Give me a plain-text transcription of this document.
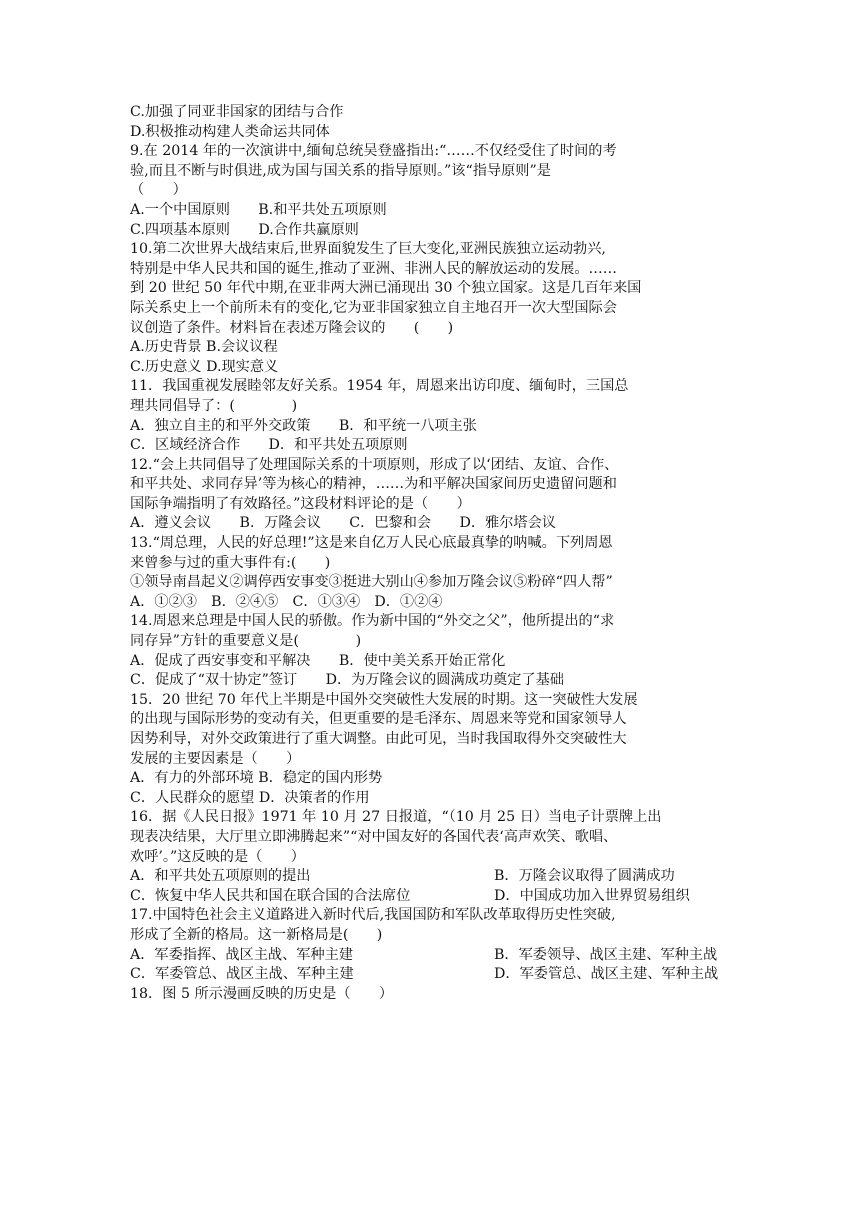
C.加强了同亚非国家的团结与合作
D.积极推动构建人类命运共同体
9.在 2014 年的一次演讲中,缅甸总统吴登盛指出:“……不仅经受住了时间的考
验,而且不断与时俱进,成为国与国关系的指导原则。”该“指导原则”是
（　　）
A.一个中国原则　　B.和平共处五项原则
C.四项基本原则　　D.合作共赢原则
10.第二次世界大战结束后,世界面貌发生了巨大变化,亚洲民族独立运动勃兴,
特别是中华人民共和国的诞生,推动了亚洲、非洲人民的解放运动的发展。……
到 20 世纪 50 年代中期,在亚非两大洲已涌现出 30 个独立国家。这是几百年来国
际关系史上一个前所未有的变化,它为亚非国家独立自主地召开一次大型国际会
议创造了条件。材料旨在表述万隆会议的　　(　　)
A.历史背景 B.会议议程
C.历史意义 D.现实意义
11．我国重视发展睦邻友好关系。1954 年，周恩来出访印度、缅甸时，三国总
理共同倡导了：(　　　　)
A．独立自主的和平外交政策　　B．和平统一八项主张
C．区域经济合作　　D．和平共处五项原则
12.“会上共同倡导了处理国际关系的十项原则，形成了以‘团结、友谊、合作、
和平共处、求同存异’等为核心的精神，……为和平解决国家间历史遗留问题和
国际争端指明了有效路径。”这段材料评论的是（　　）
A．遵义会议　　B．万隆会议　　C．巴黎和会　　D．雅尔塔会议
13.“周总理，人民的好总理!”这是来自亿万人民心底最真挚的呐喊。下列周恩
来曾参与过的重大事件有:(　　)
①领导南昌起义②调停西安事变③挺进大别山④参加万隆会议⑤粉碎“四人帮”
A．①②③　B．②④⑤　C．①③④　D．①②④
14.周恩来总理是中国人民的骄傲。作为新中国的“外交之父”，他所提出的“求
同存异”方针的重要意义是(　　　　)
A．促成了西安事变和平解决　　B．使中美关系开始正常化
C．促成了“双十协定”签订　　D．为万隆会议的圆满成功奠定了基础
15．20 世纪 70 年代上半期是中国外交突破性大发展的时期。这一突破性大发展
的出现与国际形势的变动有关，但更重要的是毛泽东、周恩来等党和国家领导人
因势利导，对外交政策进行了重大调整。由此可见，当时我国取得外交突破性大
发展的主要因素是（　　）
A．有力的外部环境 B．稳定的国内形势
C．人民群众的愿望 D．决策者的作用
16．据《人民日报》1971 年 10 月 27 日报道，“（10 月 25 日）当电子计票牌上出
现表决结果，大厅里立即沸腾起来”“对中国友好的各国代表‘高声欢笑、歌唱、
欢呼’。”这反映的是（　　）
A．和平共处五项原则的提出	B．万隆会议取得了圆满成功
C．恢复中华人民共和国在联合国的合法席位	D．中国成功加入世界贸易组织
17.中国特色社会主义道路进入新时代后,我国国防和军队改革取得历史性突破,
形成了全新的格局。这一新格局是(　　)
A．军委指挥、战区主战、军种主建	B．军委领导、战区主建、军种主战
C．军委管总、战区主战、军种主建	D．军委管总、战区主建、军种主战
18．图 5 所示漫画反映的历史是（　　）
